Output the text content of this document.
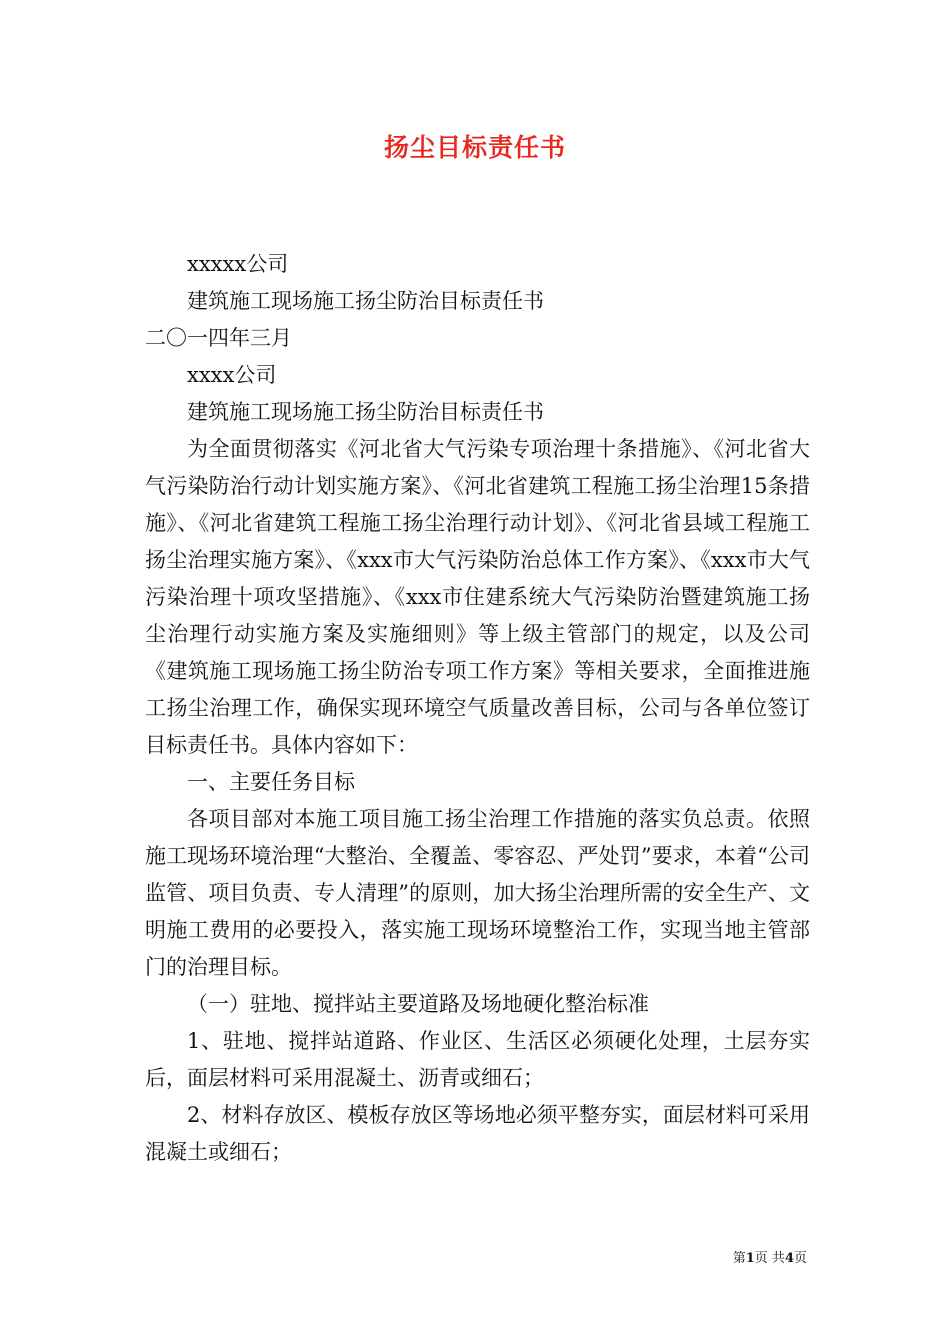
扬尘目标责任书

xxxxx公司

建筑施工现场施工扬尘防治目标责任书

二〇一四年三月

xxxx公司

建筑施工现场施工扬尘防治目标责任书

为全面贯彻落实《河北省大气污染专项治理十条措施》、《河北省大气污染防治行动计划实施方案》、《河北省建筑工程施工扬尘治理15条措施》、《河北省建筑工程施工扬尘治理行动计划》、《河北省县域工程施工扬尘治理实施方案》、《xxx市大气污染防治总体工作方案》、《xxx市大气污染治理十项攻坚措施》、《xxx市住建系统大气污染防治暨建筑施工扬尘治理行动实施方案及实施细则》等上级主管部门的规定，以及公司《建筑施工现场施工扬尘防治专项工作方案》等相关要求，全面推进施工扬尘治理工作，确保实现环境空气质量改善目标，公司与各单位签订目标责任书。具体内容如下：

一、主要任务目标

各项目部对本施工项目施工扬尘治理工作措施的落实负总责。依照施工现场环境治理“大整治、全覆盖、零容忍、严处罚”要求，本着“公司监管、项目负责、专人清理”的原则，加大扬尘治理所需的安全生产、文明施工费用的必要投入，落实施工现场环境整治工作，实现当地主管部门的治理目标。

（一）驻地、搅拌站主要道路及场地硬化整治标准

1、驻地、搅拌站道路、作业区、生活区必须硬化处理，土层夯实后，面层材料可采用混凝土、沥青或细石；

2、材料存放区、模板存放区等场地必须平整夯实，面层材料可采用混凝土或细石；

第1页 共4页
